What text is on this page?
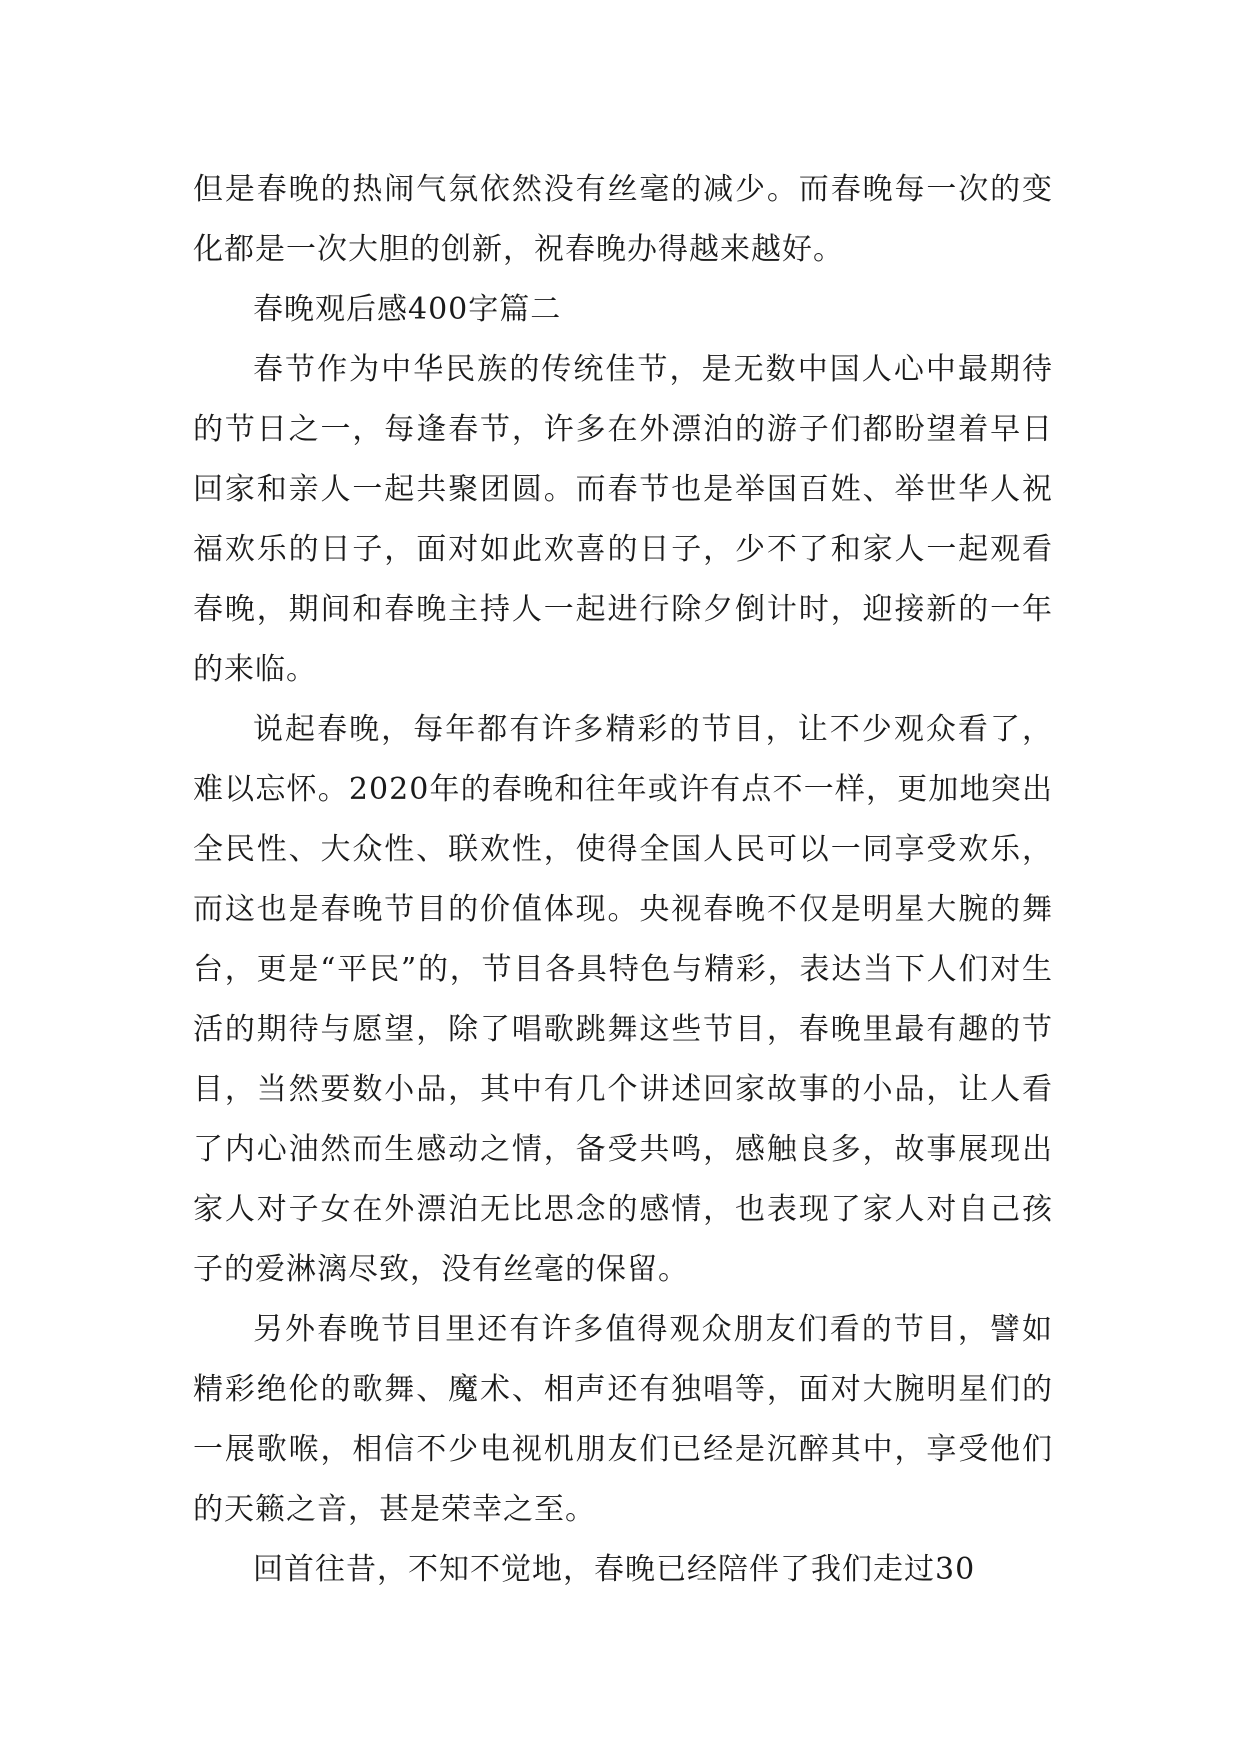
但是春晚的热闹气氛依然没有丝毫的减少。而春晚每一次的变化都是一次大胆的创新，祝春晚办得越来越好。

春晚观后感400字篇二

春节作为中华民族的传统佳节，是无数中国人心中最期待的节日之一，每逢春节，许多在外漂泊的游子们都盼望着早日回家和亲人一起共聚团圆。而春节也是举国百姓、举世华人祝福欢乐的日子，面对如此欢喜的日子，少不了和家人一起观看春晚，期间和春晚主持人一起进行除夕倒计时，迎接新的一年的来临。

说起春晚，每年都有许多精彩的节目，让不少观众看了，难以忘怀。2020年的春晚和往年或许有点不一样，更加地突出全民性、大众性、联欢性，使得全国人民可以一同享受欢乐，而这也是春晚节目的价值体现。央视春晚不仅是明星大腕的舞台，更是“平民”的，节目各具特色与精彩，表达当下人们对生活的期待与愿望，除了唱歌跳舞这些节目，春晚里最有趣的节目，当然要数小品，其中有几个讲述回家故事的小品，让人看了内心油然而生感动之情，备受共鸣，感触良多，故事展现出家人对子女在外漂泊无比思念的感情，也表现了家人对自己孩子的爱淋漓尽致，没有丝毫的保留。

另外春晚节目里还有许多值得观众朋友们看的节目，譬如精彩绝伦的歌舞、魔术、相声还有独唱等，面对大腕明星们的一展歌喉，相信不少电视机朋友们已经是沉醉其中，享受他们的天籁之音，甚是荣幸之至。

回首往昔，不知不觉地，春晚已经陪伴了我们走过30
